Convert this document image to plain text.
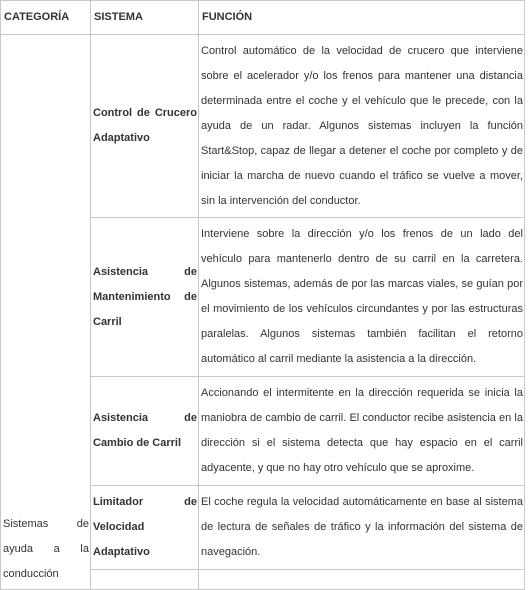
CATEGORÍA	SISTEMA	FUNCIÓN
Sistemas de ayuda a la conducción	Control de Crucero Adaptativo	Control automático de la velocidad de crucero que interviene sobre el acelerador y/o los frenos para mantener una distancia determinada entre el coche y el vehículo que le precede, con la ayuda de un radar. Algunos sistemas incluyen la función Start&Stop, capaz de llegar a detener el coche por completo y de iniciar la marcha de nuevo cuando el tráfico se vuelve a mover, sin la intervención del conductor.
	Asistencia de Mantenimiento de Carril	Interviene sobre la dirección y/o los frenos de un lado del vehículo para mantenerlo dentro de su carril en la carretera. Algunos sistemas, además de por las marcas viales, se guían por el movimiento de los vehículos circundantes y por las estructuras paralelas. Algunos sistemas también facilitan el retorno automático al carril mediante la asistencia a la dirección.
	Asistencia de Cambio de Carril	Accionando el intermitente en la dirección requerida se inicia la maniobra de cambio de carril. El conductor recibe asistencia en la dirección si el sistema detecta que hay espacio en el carril adyacente, y que no hay otro vehículo que se aproxime.
	Limitador de Velocidad Adaptativo	El coche regula la velocidad automáticamente en base al sistema de lectura de señales de tráfico y la información del sistema de navegación.
